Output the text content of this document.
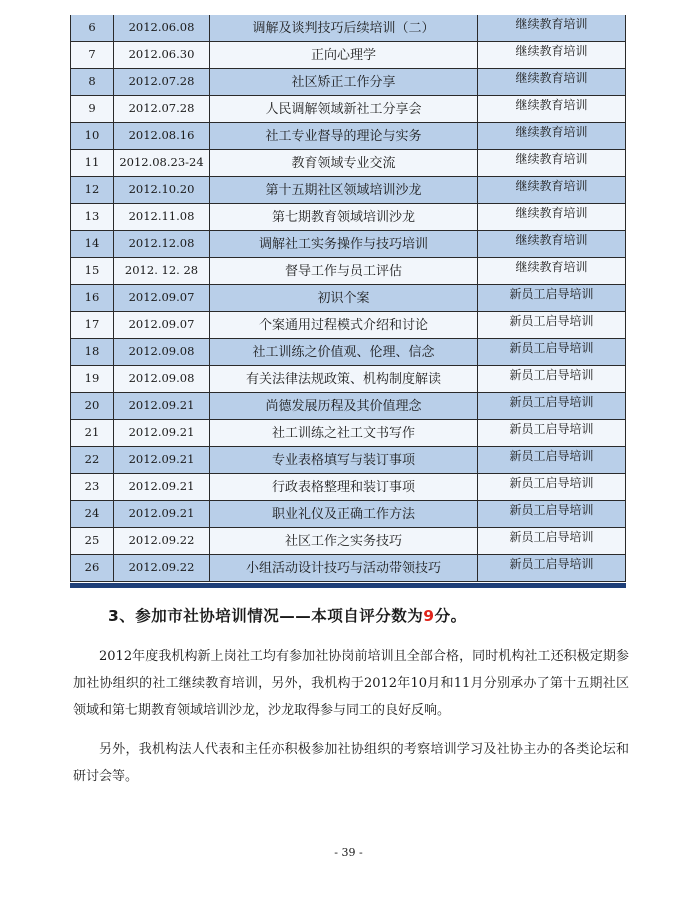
6	2012.06.08	调解及谈判技巧后续培训（二）	继续教育培训
7	2012.06.30	正向心理学	继续教育培训
8	2012.07.28	社区矫正工作分享	继续教育培训
9	2012.07.28	人民调解领域新社工分享会	继续教育培训
10	2012.08.16	社工专业督导的理论与实务	继续教育培训
11	2012.08.23-24	教育领域专业交流	继续教育培训
12	2012.10.20	第十五期社区领域培训沙龙	继续教育培训
13	2012.11.08	第七期教育领域培训沙龙	继续教育培训
14	2012.12.08	调解社工实务操作与技巧培训	继续教育培训
15	2012. 12. 28	督导工作与员工评估	继续教育培训
16	2012.09.07	初识个案	新员工启导培训
17	2012.09.07	个案通用过程模式介绍和讨论	新员工启导培训
18	2012.09.08	社工训练之价值观、伦理、信念	新员工启导培训
19	2012.09.08	有关法律法规政策、机构制度解读	新员工启导培训
20	2012.09.21	尚德发展历程及其价值理念	新员工启导培训
21	2012.09.21	社工训练之社工文书写作	新员工启导培训
22	2012.09.21	专业表格填写与装订事项	新员工启导培训
23	2012.09.21	行政表格整理和装订事项	新员工启导培训
24	2012.09.21	职业礼仪及正确工作方法	新员工启导培训
25	2012.09.22	社区工作之实务技巧	新员工启导培训
26	2012.09.22	小组活动设计技巧与活动带领技巧	新员工启导培训
3、参加市社协培训情况——本项自评分数为9分。
2012年度我机构新上岗社工均有参加社协岗前培训且全部合格，同时机构社工还积极定期参加社协组织的社工继续教育培训，另外，我机构于2012年10月和11月分别承办了第十五期社区领域和第七期教育领域培训沙龙，沙龙取得参与同工的良好反响。
另外，我机构法人代表和主任亦积极参加社协组织的考察培训学习及社协主办的各类论坛和研讨会等。
- 39 -
